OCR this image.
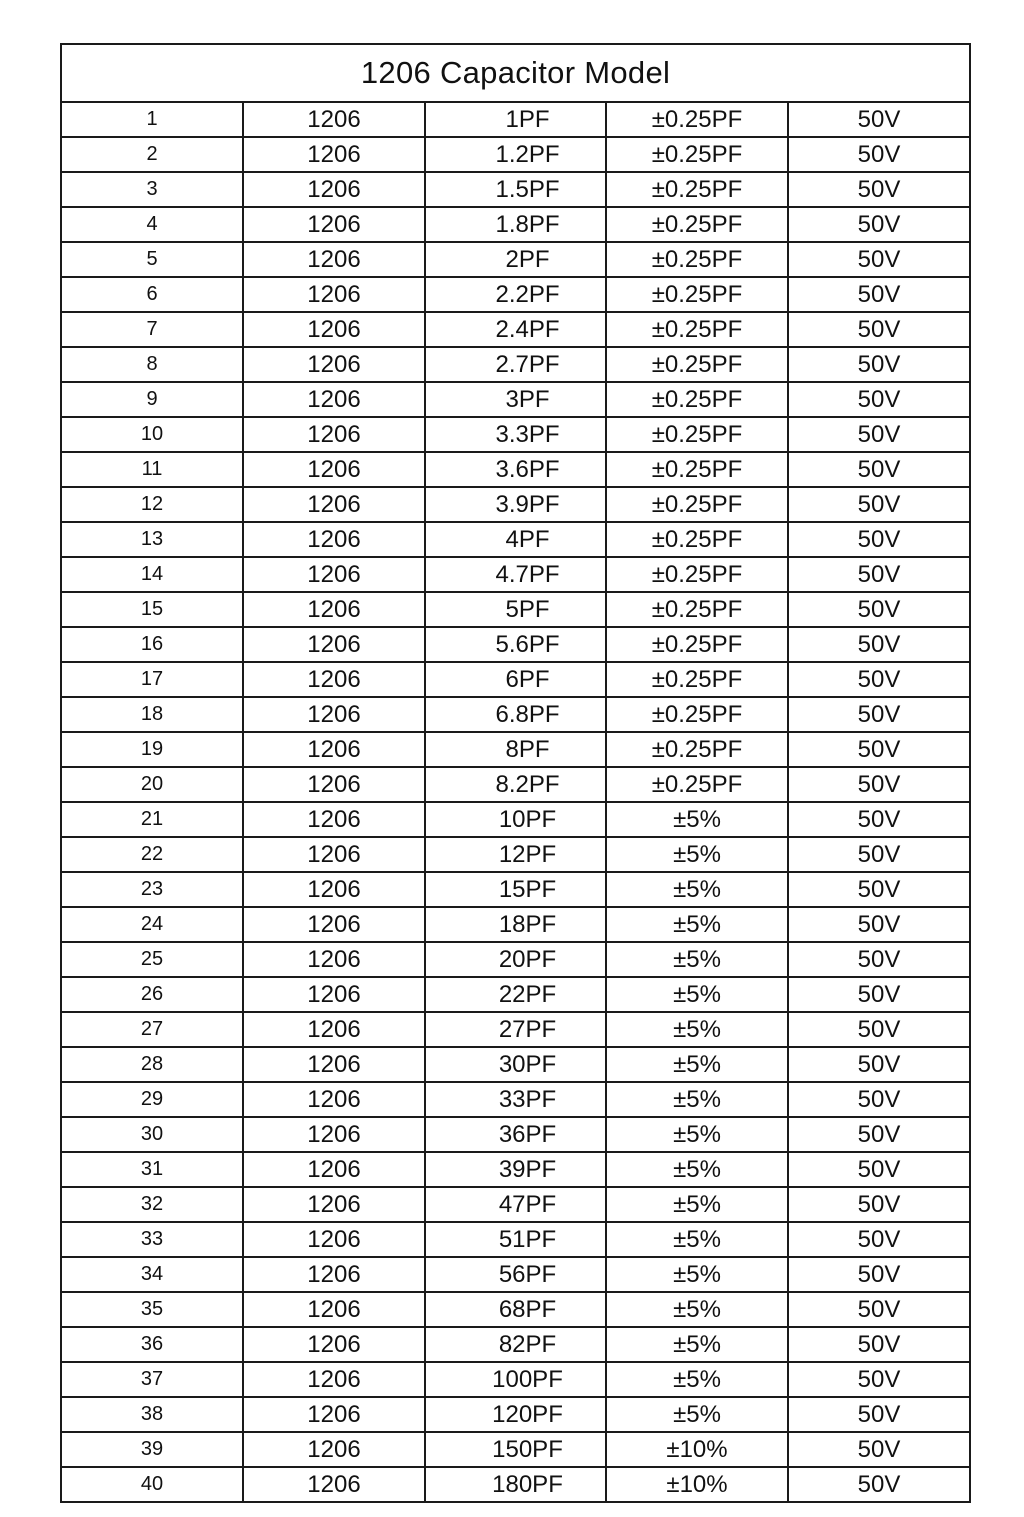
1206 Capacitor Model				
1	1206	1PF	±0.25PF	50V
2	1206	1.2PF	±0.25PF	50V
3	1206	1.5PF	±0.25PF	50V
4	1206	1.8PF	±0.25PF	50V
5	1206	2PF	±0.25PF	50V
6	1206	2.2PF	±0.25PF	50V
7	1206	2.4PF	±0.25PF	50V
8	1206	2.7PF	±0.25PF	50V
9	1206	3PF	±0.25PF	50V
10	1206	3.3PF	±0.25PF	50V
11	1206	3.6PF	±0.25PF	50V
12	1206	3.9PF	±0.25PF	50V
13	1206	4PF	±0.25PF	50V
14	1206	4.7PF	±0.25PF	50V
15	1206	5PF	±0.25PF	50V
16	1206	5.6PF	±0.25PF	50V
17	1206	6PF	±0.25PF	50V
18	1206	6.8PF	±0.25PF	50V
19	1206	8PF	±0.25PF	50V
20	1206	8.2PF	±0.25PF	50V
21	1206	10PF	±5%	50V
22	1206	12PF	±5%	50V
23	1206	15PF	±5%	50V
24	1206	18PF	±5%	50V
25	1206	20PF	±5%	50V
26	1206	22PF	±5%	50V
27	1206	27PF	±5%	50V
28	1206	30PF	±5%	50V
29	1206	33PF	±5%	50V
30	1206	36PF	±5%	50V
31	1206	39PF	±5%	50V
32	1206	47PF	±5%	50V
33	1206	51PF	±5%	50V
34	1206	56PF	±5%	50V
35	1206	68PF	±5%	50V
36	1206	82PF	±5%	50V
37	1206	100PF	±5%	50V
38	1206	120PF	±5%	50V
39	1206	150PF	±10%	50V
40	1206	180PF	±10%	50V
